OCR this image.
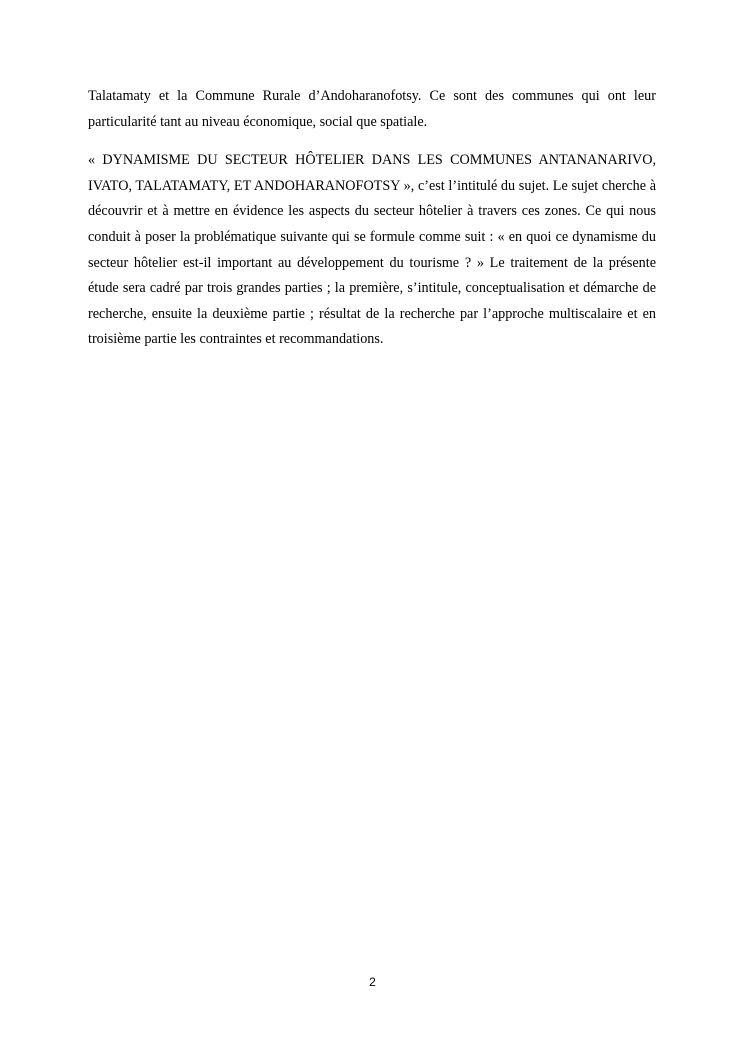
Talatamaty et la Commune Rurale d’Andoharanofotsy. Ce sont des communes qui ont leur particularité tant au niveau économique, social que spatiale.

« DYNAMISME DU SECTEUR HÔTELIER DANS LES COMMUNES ANTANANARIVO, IVATO, TALATAMATY, ET ANDOHARANOFOTSY », c’est l’intitulé du sujet. Le sujet cherche à découvrir et à mettre en évidence les aspects du secteur hôtelier à travers ces zones. Ce qui nous conduit à poser la problématique suivante qui se formule comme suit : « en quoi ce dynamisme du secteur hôtelier est-il important au développement du tourisme ? » Le traitement de la présente étude sera cadré par trois grandes parties ; la première, s’intitule, conceptualisation et démarche de recherche, ensuite la deuxième partie ; résultat de la recherche par l’approche multiscalaire et en troisième partie les contraintes et recommandations.

2
